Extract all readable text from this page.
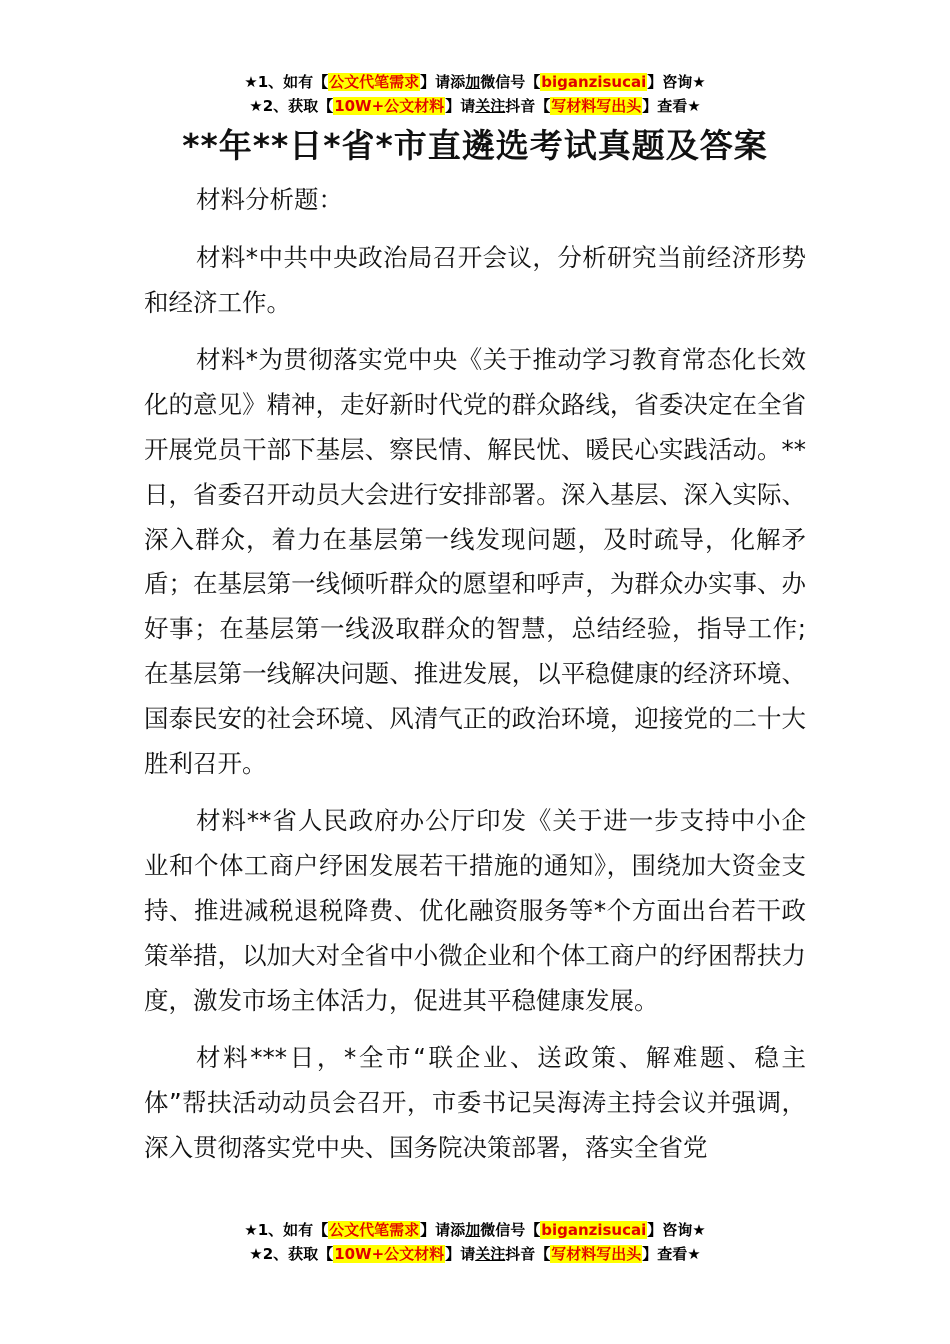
★1、如有【公文代笔需求】请添加微信号【biganzisucai】咨询★
★2、获取【10W+公文材料】请关注抖音【写材料写出头】查看★
**年**日*省*市直遴选考试真题及答案

材料分析题：

材料*中共中央政治局召开会议，分析研究当前经济形势和经济工作。

材料*为贯彻落实党中央《关于推动学习教育常态化长效化的意见》精神，走好新时代党的群众路线，省委决定在全省开展党员干部下基层、察民情、解民忧、暖民心实践活动。**日，省委召开动员大会进行安排部署。深入基层、深入实际、深入群众，着力在基层第一线发现问题，及时疏导，化解矛盾；在基层第一线倾听群众的愿望和呼声，为群众办实事、办好事；在基层第一线汲取群众的智慧，总结经验，指导工作;在基层第一线解决问题、推进发展，以平稳健康的经济环境、国泰民安的社会环境、风清气正的政治环境，迎接党的二十大胜利召开。

材料**省人民政府办公厅印发《关于进一步支持中小企业和个体工商户纾困发展若干措施的通知》，围绕加大资金支持、推进减税退税降费、优化融资服务等*个方面出台若干政策举措，以加大对全省中小微企业和个体工商户的纾困帮扶力度，激发市场主体活力，促进其平稳健康发展。

材料***日，*全市“联企业、送政策、解难题、稳主体”帮扶活动动员会召开，市委书记吴海涛主持会议并强调，深入贯彻落实党中央、国务院决策部署，落实全省党

★1、如有【公文代笔需求】请添加微信号【biganzisucai】咨询★
★2、获取【10W+公文材料】请关注抖音【写材料写出头】查看★
